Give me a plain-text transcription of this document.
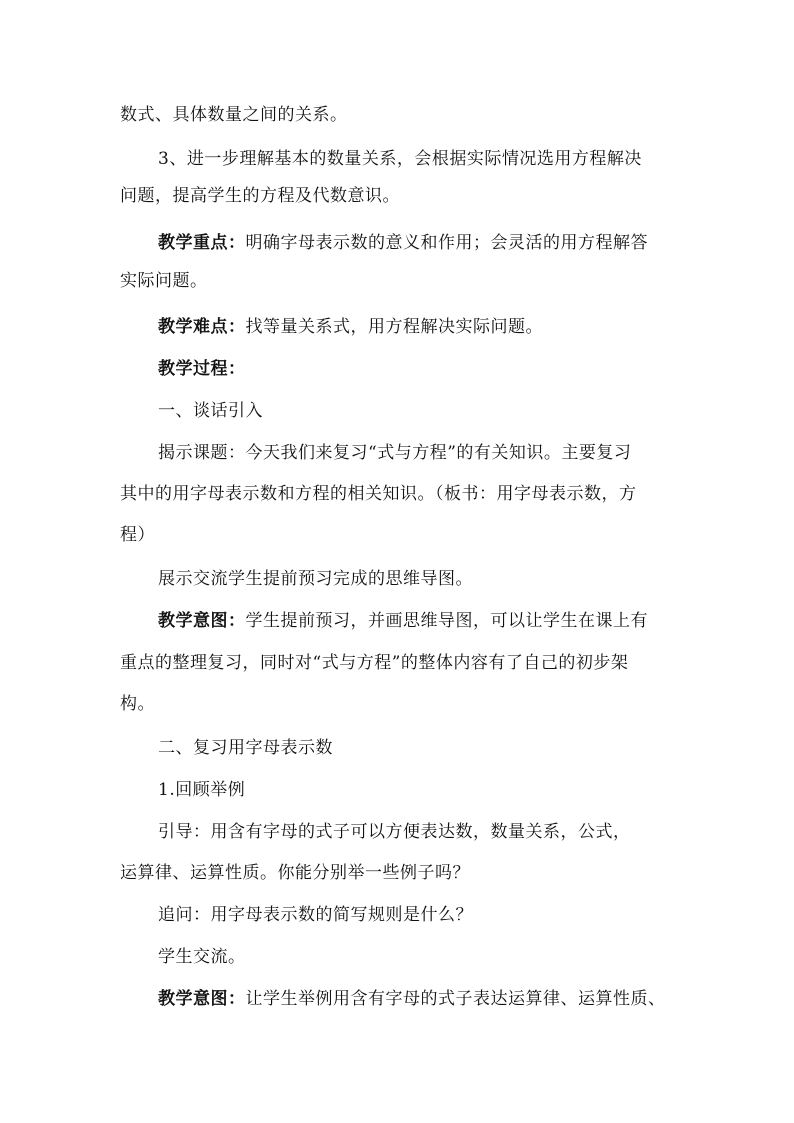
数式、具体数量之间的关系。
3、进一步理解基本的数量关系，会根据实际情况选用方程解决
问题，提高学生的方程及代数意识。
教学重点：明确字母表示数的意义和作用；会灵活的用方程解答
实际问题。
教学难点：找等量关系式，用方程解决实际问题。
教学过程：
一、谈话引入
揭示课题：今天我们来复习“式与方程”的有关知识。主要复习
其中的用字母表示数和方程的相关知识。（板书：用字母表示数，方
程）
展示交流学生提前预习完成的思维导图。
教学意图：学生提前预习，并画思维导图，可以让学生在课上有
重点的整理复习，同时对“式与方程”的整体内容有了自己的初步架
构。
二、复习用字母表示数
1.回顾举例
引导：用含有字母的式子可以方便表达数，数量关系，公式，
运算律、运算性质。你能分别举一些例子吗？
追问：用字母表示数的简写规则是什么？
学生交流。
教学意图：让学生举例用含有字母的式子表达运算律、运算性质、
